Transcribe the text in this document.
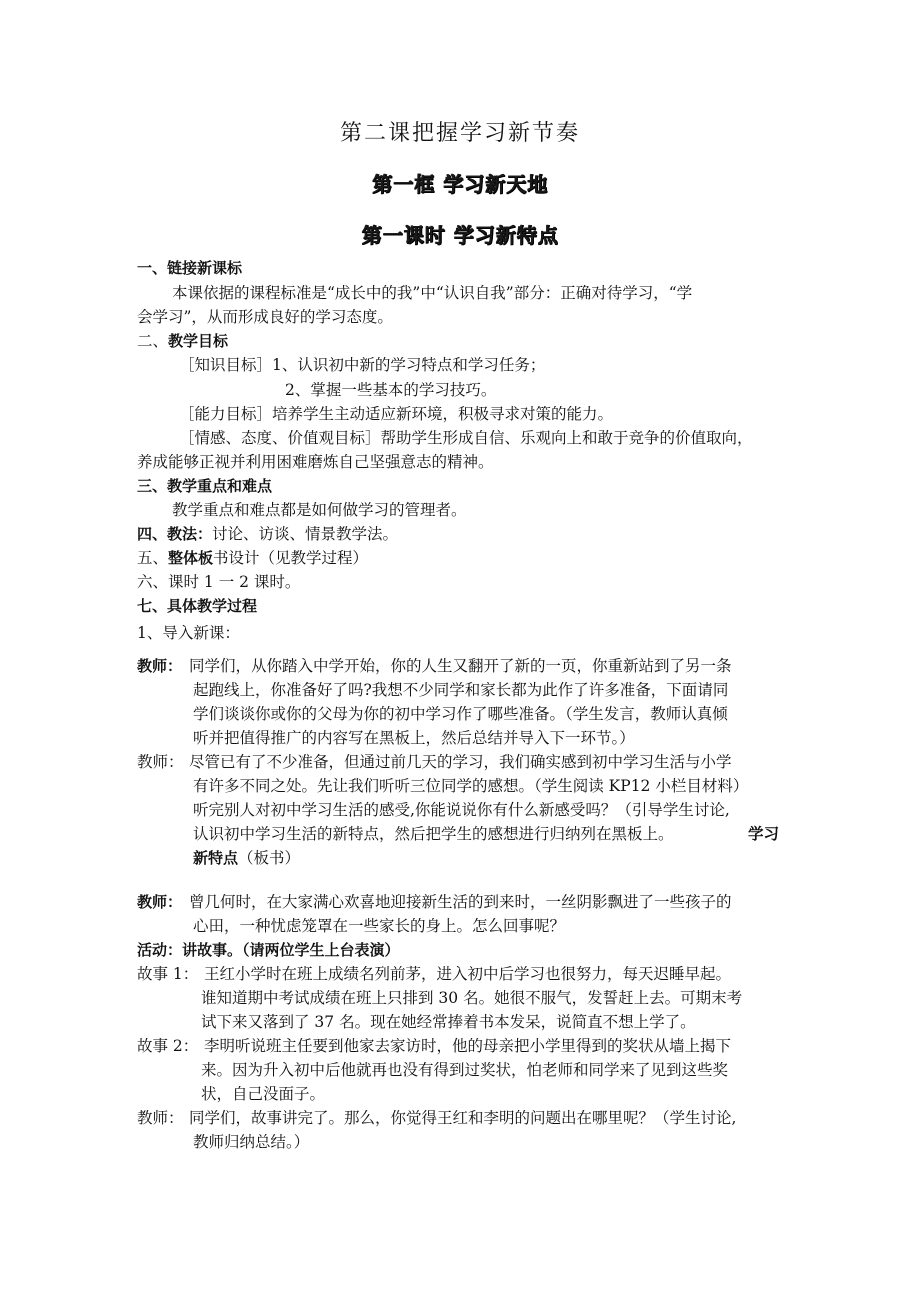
第二课把握学习新节奏
第一框 学习新天地
第一课时 学习新特点
一、链接新课标
本课依据的课程标准是“成长中的我”中“认识自我”部分：正确对待学习，“学
会学习”，从而形成良好的学习态度。
二、教学目标
［知识目标］1、认识初中新的学习特点和学习任务；
2、掌握一些基本的学习技巧。
［能力目标］培养学生主动适应新环境，积极寻求对策的能力。
［情感、态度、价值观目标］帮助学生形成自信、乐观向上和敢于竞争的价值取向，
养成能够正视并利用困难磨炼自己坚强意志的精神。
三、教学重点和难点
教学重点和难点都是如何做学习的管理者。
四、教法：讨论、访谈、情景教学法。
五、整体板书设计（见教学过程）
六、课时 1 一 2 课时。
七、具体教学过程
1、导入新课：
教师： 同学们，从你踏入中学开始，你的人生又翻开了新的一页，你重新站到了另一条
起跑线上，你准备好了吗?我想不少同学和家长都为此作了许多准备，下面请同
学们谈谈你或你的父母为你的初中学习作了哪些准备。（学生发言，教师认真倾
听并把值得推广的内容写在黑板上，然后总结并导入下一环节。）
教师： 尽管已有了不少准备，但通过前几天的学习，我们确实感到初中学习生活与小学
有许多不同之处。先让我们听听三位同学的感想。（学生阅读 KP12 小栏目材料）
听完别人对初中学习生活的感受,你能说说你有什么新感受吗？（引导学生讨论,
认识初中学习生活的新特点，然后把学生的感想进行归纳列在黑板上。	学习
新特点（板书）
教师： 曾几何时，在大家满心欢喜地迎接新生活的到来时，一丝阴影飘进了一些孩子的
心田，一种忧虑笼罩在一些家长的身上。怎么回事呢？
活动：讲故事。（请两位学生上台表演）
故事 1： 王红小学时在班上成绩名列前茅，进入初中后学习也很努力，每天迟睡早起。
谁知道期中考试成绩在班上只排到 30 名。她很不服气，发誓赶上去。可期末考
试下来又落到了 37 名。现在她经常捧着书本发呆，说简直不想上学了。
故事 2： 李明听说班主任要到他家去家访时，他的母亲把小学里得到的奖状从墙上揭下
来。因为升入初中后他就再也没有得到过奖状，怕老师和同学来了见到这些奖
状，自己没面子。
教师： 同学们，故事讲完了。那么，你觉得王红和李明的问题出在哪里呢？（学生讨论,
教师归纳总结。）
